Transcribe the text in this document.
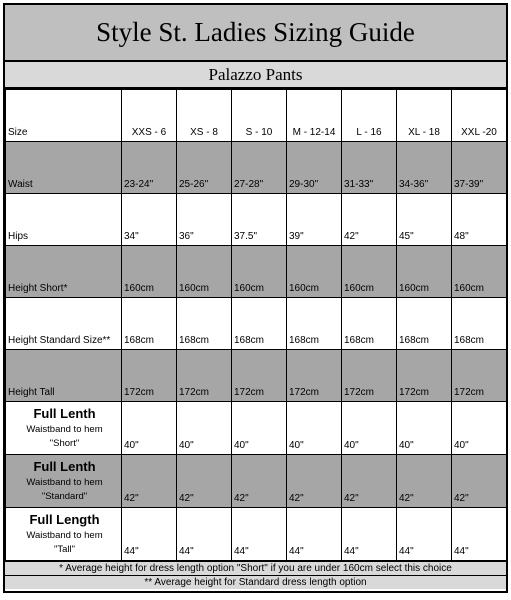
Style St. Ladies Sizing Guide
Palazzo Pants
Size	XXS - 6	XS - 8	S - 10	M - 12-14	L - 16	XL - 18	XXL -20
Waist	23-24"	25-26"	27-28"	29-30"	31-33"	34-36"	37-39"
Hips	34"	36"	37.5"	39"	42"	45"	48"
Height Short*	160cm	160cm	160cm	160cm	160cm	160cm	160cm
Height Standard Size**	168cm	168cm	168cm	168cm	168cm	168cm	168cm
Height Tall	172cm	172cm	172cm	172cm	172cm	172cm	172cm

Full Lenth
Waistband to hem
"Short"	40"	40"	40"	40"	40"	40"	40"

Full Lenth
Waistband to hem
"Standard"	42"	42"	42"	42"	42"	42"	42"

Full Length
Waistband to hem
"Tall"	44"	44"	44"	44"	44"	44"	44"
* Average height for dress length option "Short" if you are under 160cm select this choice
** Average height for Standard dress length option
